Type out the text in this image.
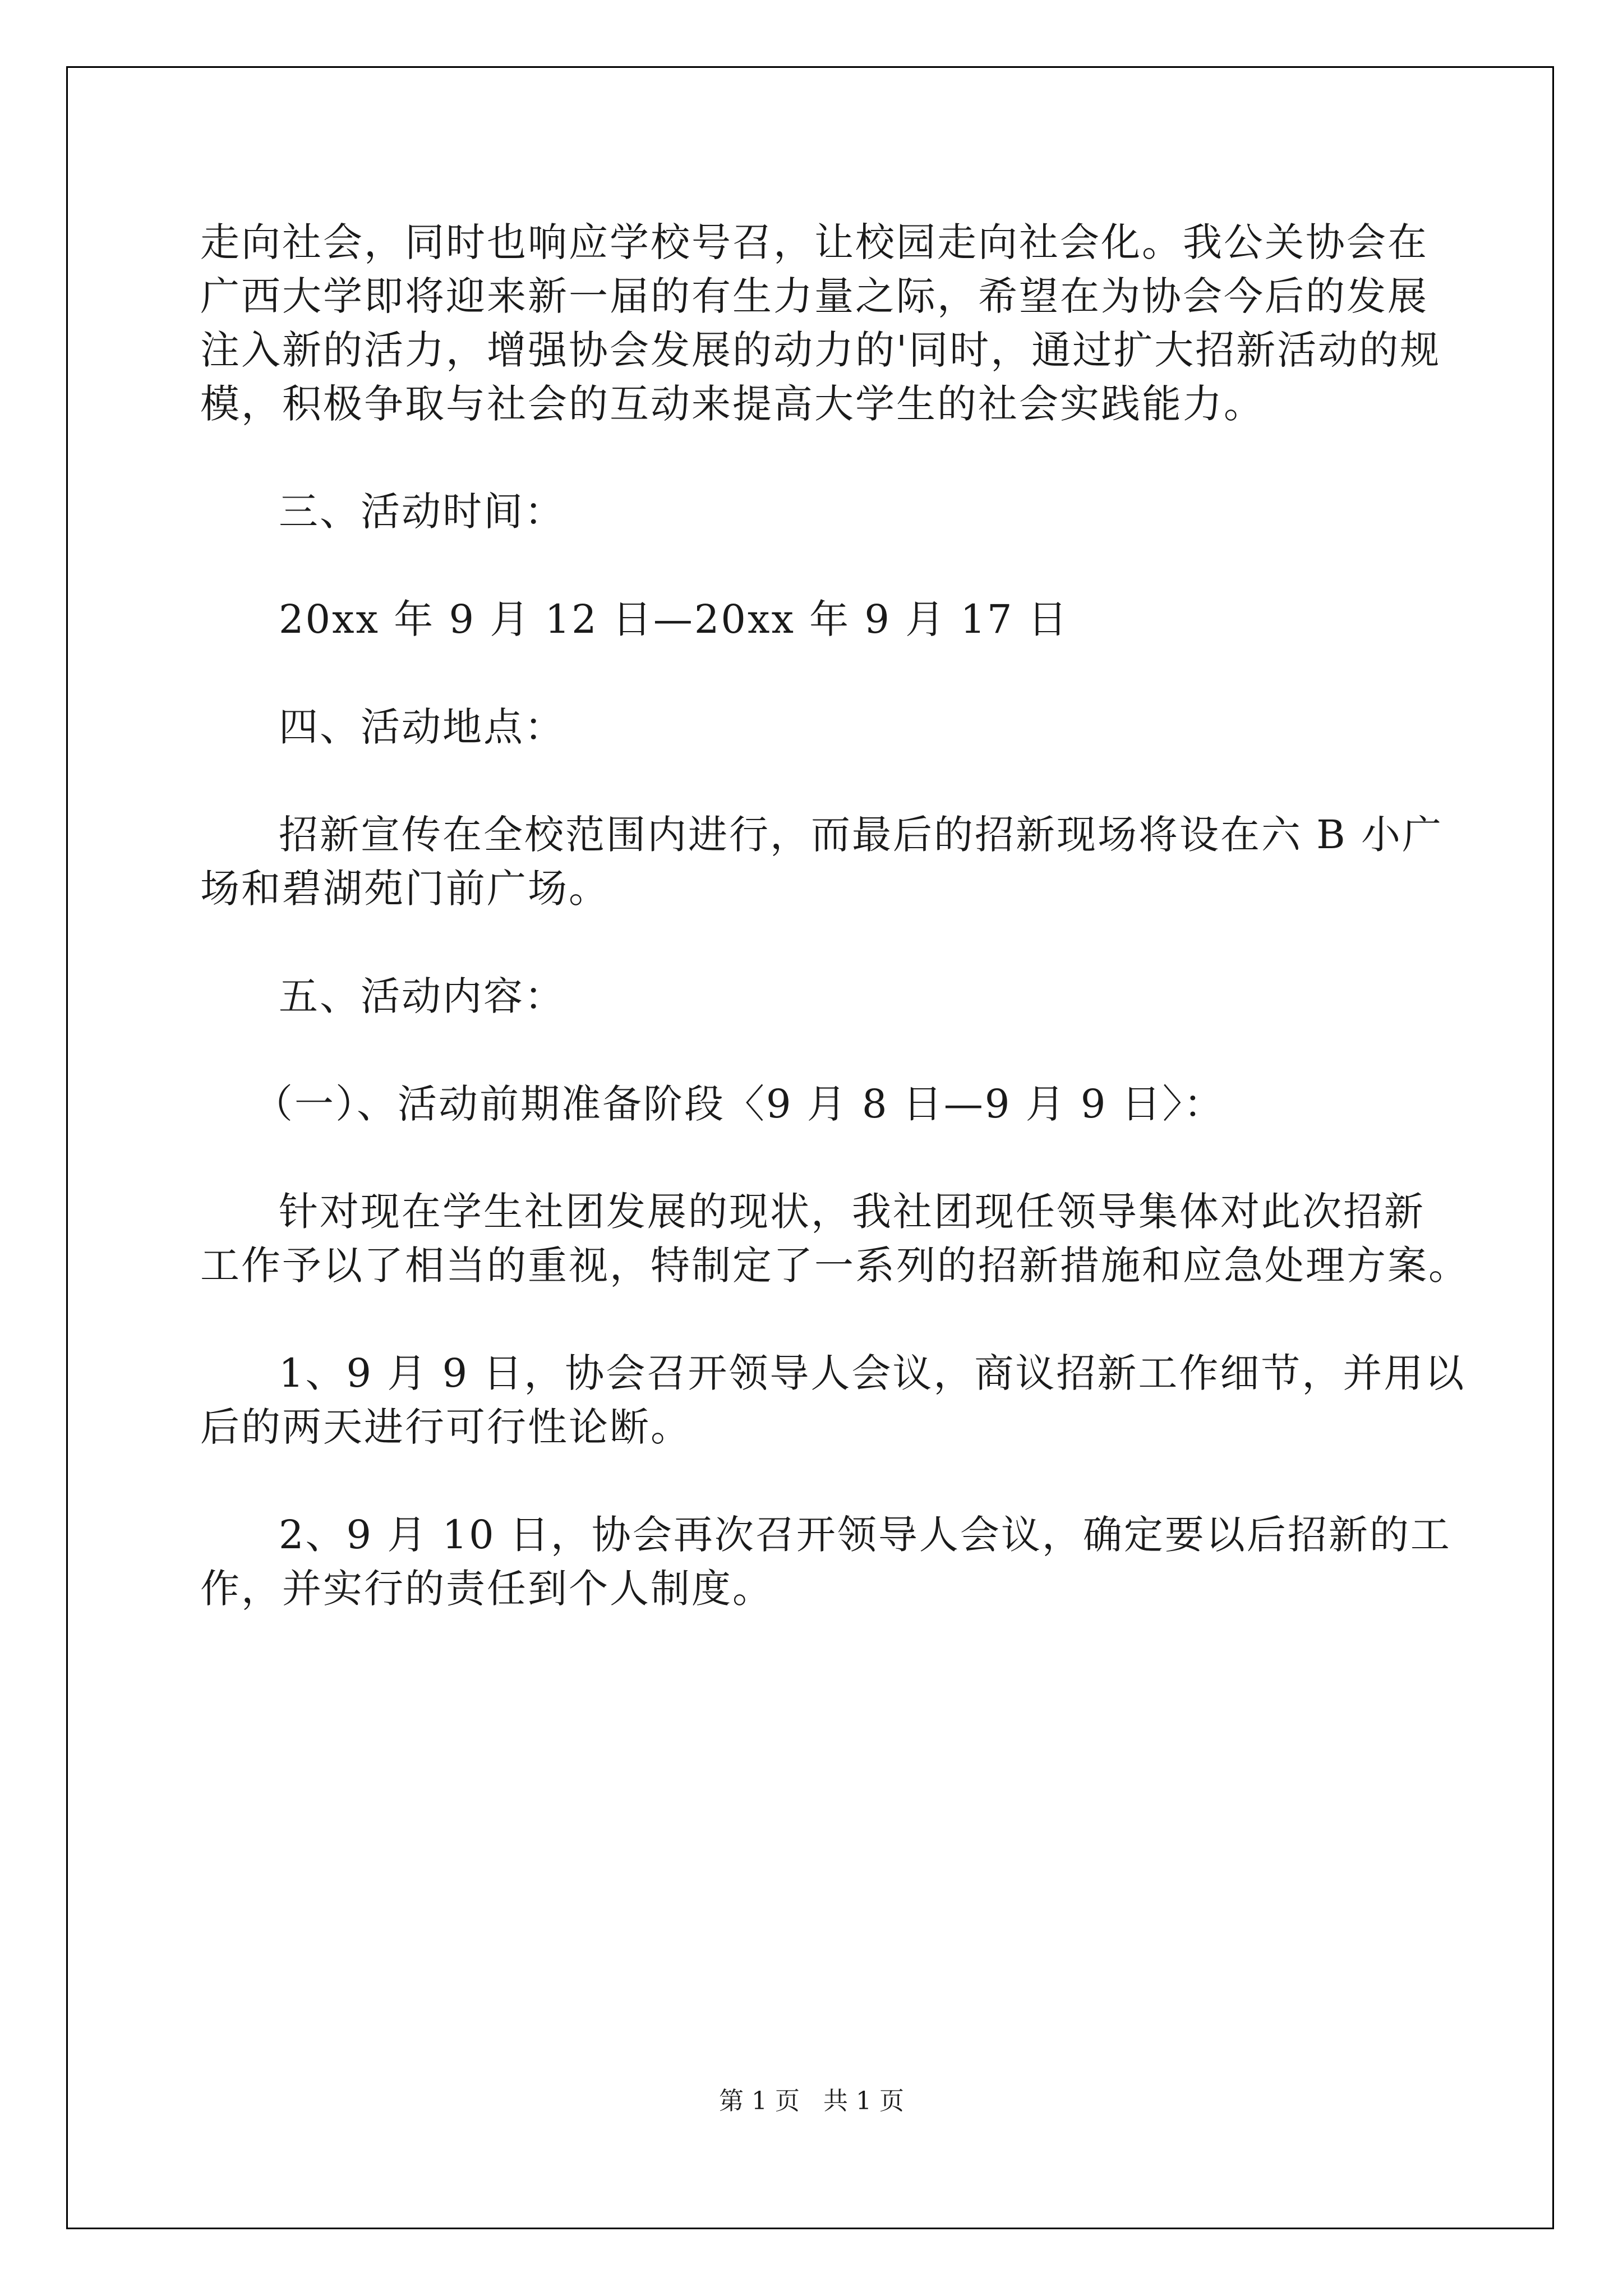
走向社会，同时也响应学校号召，让校园走向社会化。我公关协会在
广西大学即将迎来新一届的有生力量之际，希望在为协会今后的发展
注入新的活力，增强协会发展的动力的'同时，通过扩大招新活动的规
模，积极争取与社会的互动来提高大学生的社会实践能力。
三、活动时间：
20xx 年 9 月 12 日—20xx 年 9 月 17 日
四、活动地点：
招新宣传在全校范围内进行，而最后的招新现场将设在六 B 小广
场和碧湖苑门前广场。
五、活动内容：
（一）、活动前期准备阶段〈9 月 8 日—9 月 9 日〉：
针对现在学生社团发展的现状，我社团现任领导集体对此次招新
工作予以了相当的重视，特制定了一系列的招新措施和应急处理方案。
1、9 月 9 日，协会召开领导人会议，商议招新工作细节，并用以
后的两天进行可行性论断。
2、9 月 10 日，协会再次召开领导人会议，确定要以后招新的工
作，并实行的责任到个人制度。
第 1 页 共 1 页
